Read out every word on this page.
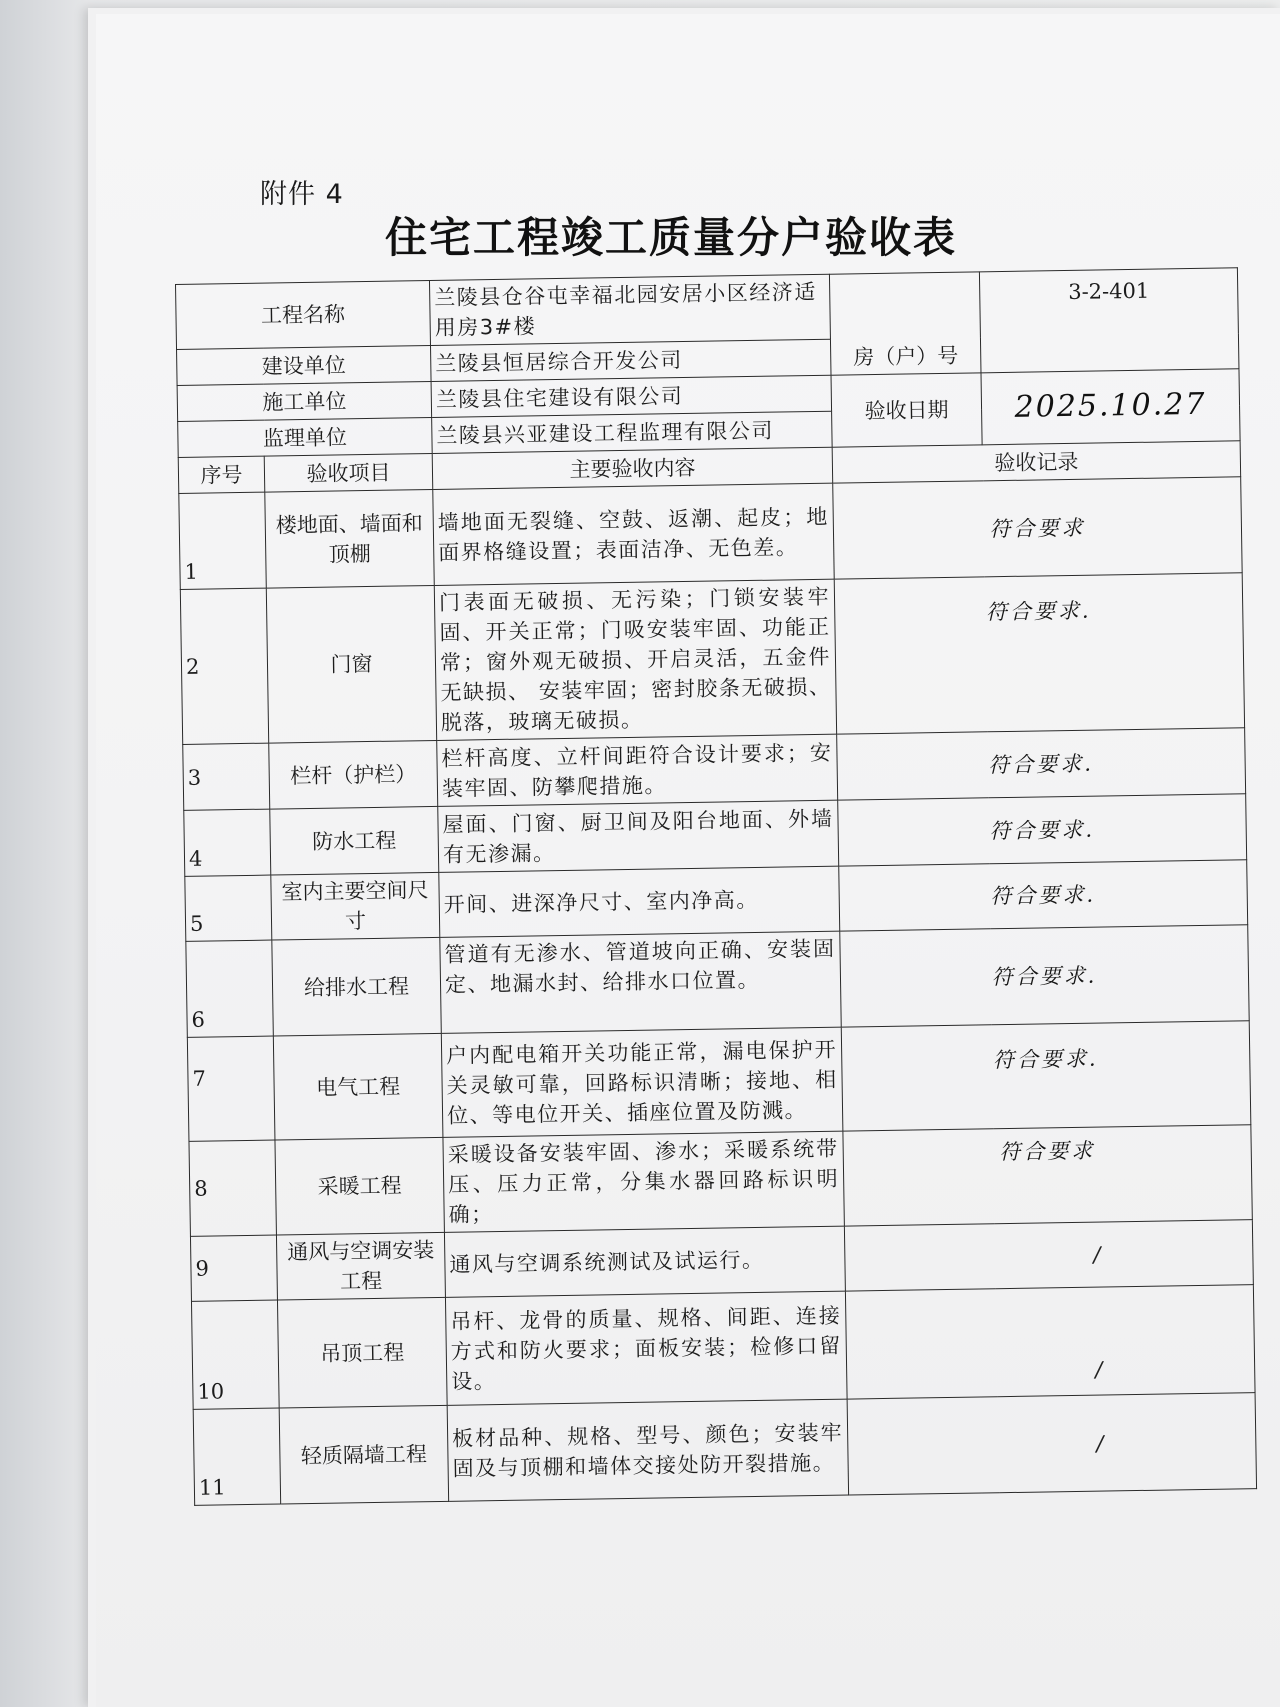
附件 4
住宅工程竣工质量分户验收表
工程名称		兰陵县仓谷屯幸福北园安居小区经济适用房3#楼	房（户）号	3-2-401
建设单位		兰陵县恒居综合开发公司		
施工单位		兰陵县住宅建设有限公司	验收日期	2025.10.27
监理单位		兰陵县兴亚建设工程监理有限公司		
序号	验收项目	主要验收内容	验收记录	
1	楼地面、墙面和顶棚	墙地面无裂缝、空鼓、返潮、起皮；地面界格缝设置；表面洁净、无色差。	符合要求	
2	门窗	门表面无破损、无污染；门锁安装牢固、开关正常；门吸安装牢固、功能正常；窗外观无破损、开启灵活，五金件无缺损、 安装牢固；密封胶条无破损、脱落，玻璃无破损。	符合要求.	
3	栏杆（护栏）	栏杆高度、立杆间距符合设计要求；安装牢固、防攀爬措施。	符合要求.	
4	防水工程	屋面、门窗、厨卫间及阳台地面、外墙有无渗漏。	符合要求.	
5	室内主要空间尺寸	开间、进深净尺寸、室内净高。	符合要求.	
6	给排水工程	管道有无渗水、管道坡向正确、安装固定、地漏水封、给排水口位置。	符合要求.	
7	电气工程	户内配电箱开关功能正常，漏电保护开关灵敏可靠，回路标识清晰；接地、相位、等电位开关、插座位置及防溅。	符合要求.	
8	采暖工程	采暖设备安装牢固、渗水；采暖系统带压、压力正常，分集水器回路标识明确；	符合要求	
9	通风与空调安装工程	通风与空调系统测试及试运行。	/	
10	吊顶工程	吊杆、龙骨的质量、规格、间距、连接方式和防火要求；面板安装；检修口留设。	/	
11	轻质隔墙工程	板材品种、规格、型号、颜色；安装牢固及与顶棚和墙体交接处防开裂措施。	/	
